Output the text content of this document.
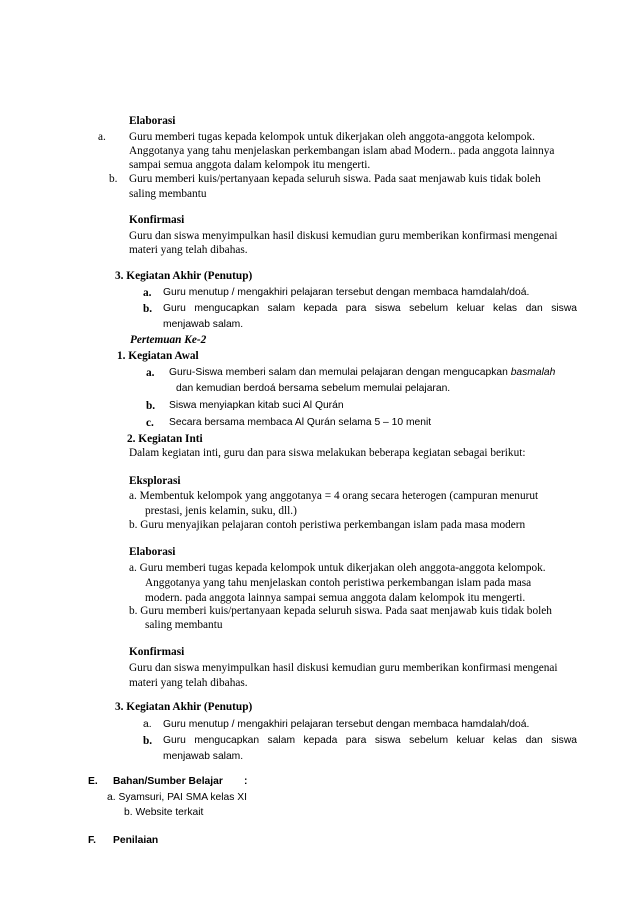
Elaborasi
a. Guru memberi tugas kepada kelompok untuk dikerjakan oleh anggota-anggota kelompok.
Anggotanya yang tahu menjelaskan perkembangan islam abad Modern.. pada anggota lainnya
sampai semua anggota dalam kelompok itu mengerti.
b. Guru memberi kuis/pertanyaan kepada seluruh siswa. Pada saat menjawab kuis tidak boleh
saling membantu
Konfirmasi
Guru dan siswa menyimpulkan hasil diskusi kemudian guru memberikan konfirmasi mengenai
materi yang telah dibahas.
3. Kegiatan Akhir (Penutup)
a. Guru menutup / mengakhiri pelajaran tersebut dengan membaca hamdalah/doá.
b. Guru mengucapkan salam kepada para siswa sebelum keluar kelas dan siswa
menjawab salam.
Pertemuan Ke-2
1. Kegiatan Awal
a. Guru-Siswa memberi salam dan memulai pelajaran dengan mengucapkan basmalah
dan kemudian berdoá bersama sebelum memulai pelajaran.
b. Siswa menyiapkan kitab suci Al Qurán
c. Secara bersama membaca Al Qurán selama 5 – 10 menit
2. Kegiatan Inti
Dalam kegiatan inti, guru dan para siswa melakukan beberapa kegiatan sebagai berikut:
Eksplorasi
a. Membentuk kelompok yang anggotanya = 4 orang secara heterogen (campuran menurut
prestasi, jenis kelamin, suku, dll.)
b. Guru menyajikan pelajaran contoh peristiwa perkembangan islam pada masa modern
Elaborasi
a. Guru memberi tugas kepada kelompok untuk dikerjakan oleh anggota-anggota kelompok.
Anggotanya yang tahu menjelaskan contoh peristiwa perkembangan islam pada masa
modern. pada anggota lainnya sampai semua anggota dalam kelompok itu mengerti.
b. Guru memberi kuis/pertanyaan kepada seluruh siswa. Pada saat menjawab kuis tidak boleh
saling membantu
Konfirmasi
Guru dan siswa menyimpulkan hasil diskusi kemudian guru memberikan konfirmasi mengenai
materi yang telah dibahas.
3. Kegiatan Akhir (Penutup)
a. Guru menutup / mengakhiri pelajaran tersebut dengan membaca hamdalah/doá.
b. Guru mengucapkan salam kepada para siswa sebelum keluar kelas dan siswa
menjawab salam.
E. Bahan/Sumber Belajar :
a. Syamsuri, PAI SMA kelas XI
b. Website terkait
F. Penilaian
